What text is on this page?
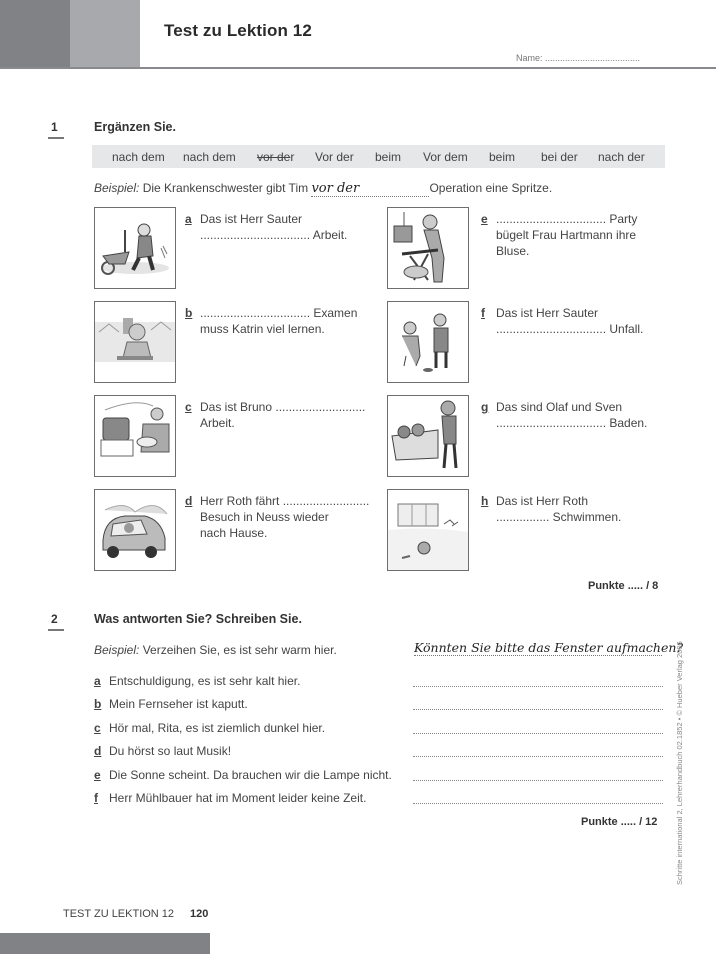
Test zu Lektion 12
Name: ......................................
1	Ergänzen Sie.
nach dem nach dem vor der Vor der beim Vor dem beim bei der nach der
Beispiel: Die Krankenschwester gibt Tim vor der	Operation eine Spritze.
a Das ist Herr Sauter
................................. Arbeit.
b ................................. Examen
muss Katrin viel lernen.
c Das ist Bruno ...........................
Arbeit.
d Herr Roth fährt ..........................
Besuch in Neuss wieder
nach Hause.
e ................................. Party
bügelt Frau Hartmann ihre
Bluse.
f Das ist Herr Sauter
................................. Unfall.
g Das sind Olaf und Sven
................................. Baden.
h Das ist Herr Roth
................ Schwimmen.
Punkte ..... / 8
2	Was antworten Sie? Schreiben Sie.
Beispiel: Verzeihen Sie, es ist sehr warm hier.	Könnten Sie bitte das Fenster aufmachen?
a Entschuldigung, es ist sehr kalt hier.
b Mein Fernseher ist kaputt.
c Hör mal, Rita, es ist ziemlich dunkel hier.
d Du hörst so laut Musik!
e Die Sonne scheint. Da brauchen wir die Lampe nicht.
f Herr Mühlbauer hat im Moment leider keine Zeit.
Punkte ..... / 12 Schritte international 2, Lehrerhandbuch 02.1852 • © Hueber Verlag 2006
TEST ZU LEKTION 12 120
